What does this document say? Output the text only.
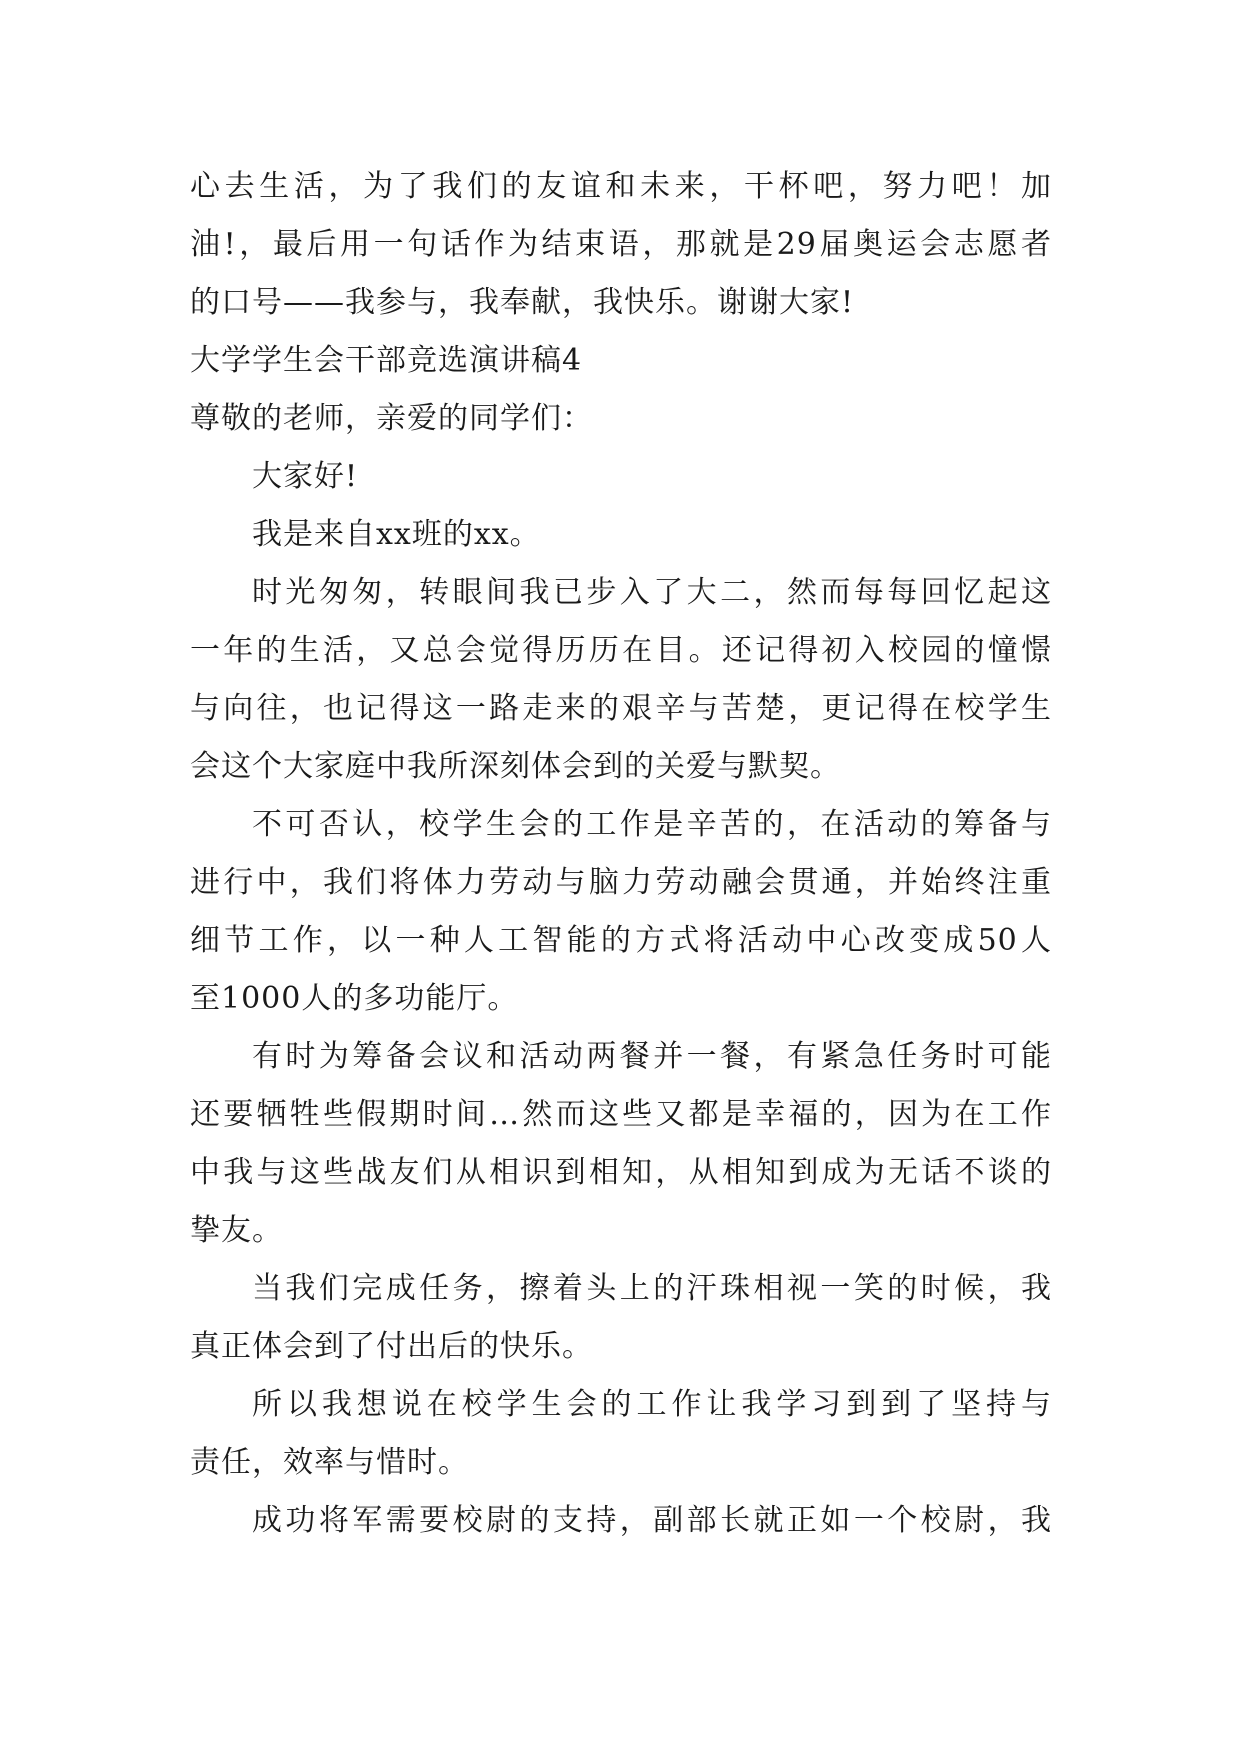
心去生活，为了我们的友谊和未来，干杯吧，努力吧！加
油!，最后用一句话作为结束语，那就是29届奥运会志愿者
的口号——我参与，我奉献，我快乐。谢谢大家!
大学学生会干部竞选演讲稿4
尊敬的老师，亲爱的同学们：
大家好!
我是来自xx班的xx。
时光匆匆，转眼间我已步入了大二，然而每每回忆起这
一年的生活，又总会觉得历历在目。还记得初入校园的憧憬
与向往，也记得这一路走来的艰辛与苦楚，更记得在校学生
会这个大家庭中我所深刻体会到的关爱与默契。
不可否认，校学生会的工作是辛苦的，在活动的筹备与
进行中，我们将体力劳动与脑力劳动融会贯通，并始终注重
细节工作，以一种人工智能的方式将活动中心改变成50人
至1000人的多功能厅。
有时为筹备会议和活动两餐并一餐，有紧急任务时可能
还要牺牲些假期时间…然而这些又都是幸福的，因为在工作
中我与这些战友们从相识到相知，从相知到成为无话不谈的
挚友。
当我们完成任务，擦着头上的汗珠相视一笑的时候，我
真正体会到了付出后的快乐。
所以我想说在校学生会的工作让我学习到到了坚持与
责任，效率与惜时。
成功将军需要校尉的支持，副部长就正如一个校尉，我
